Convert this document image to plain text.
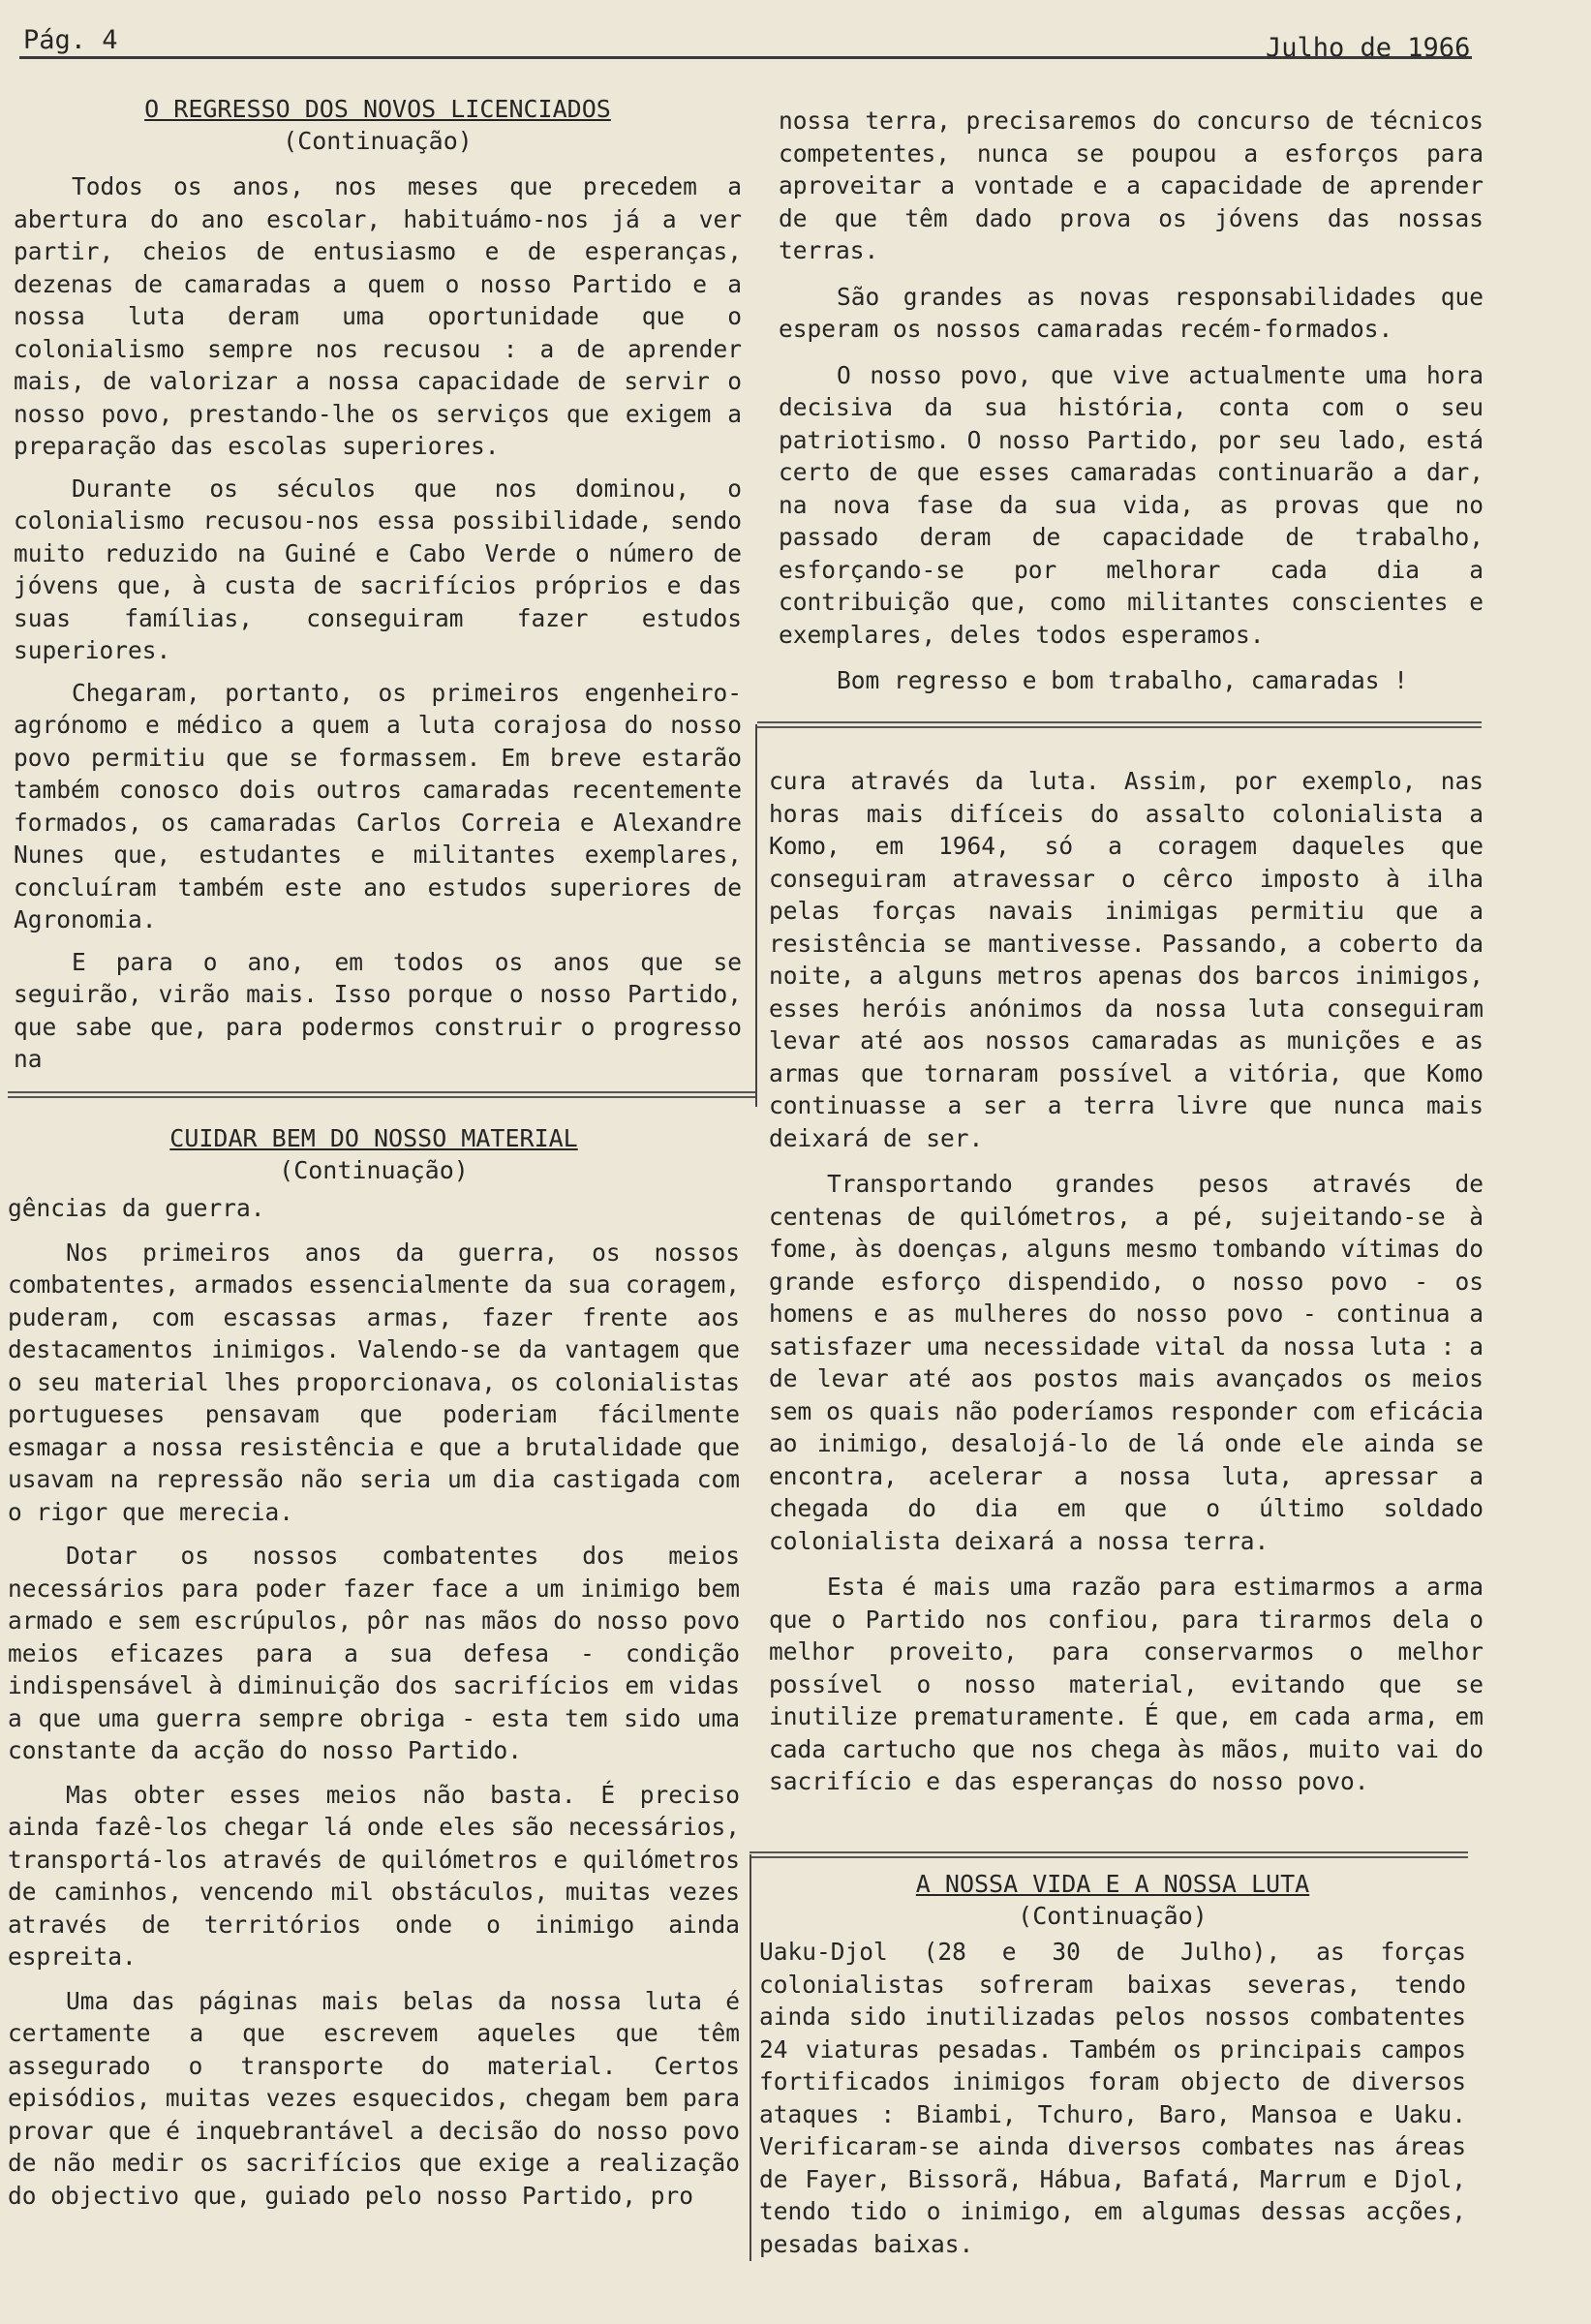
Pág. 4	Julho de 1966
O REGRESSO DOS NOVOS LICENCIADOS
(Continuação)

Todos os anos, nos meses que precedem a abertura do ano escolar, habituámo-nos já a ver partir, cheios de entusiasmo e de esperanças, dezenas de camaradas a quem o nosso Partido e a nossa luta deram uma oportunidade que o colonialismo sempre nos recusou : a de aprender mais, de valorizar a nossa capacidade de servir o nosso povo, prestando-lhe os serviços que exigem a preparação das escolas superiores.

Durante os séculos que nos dominou, o colonialismo recusou-nos essa possibilidade, sendo muito reduzido na Guiné e Cabo Verde o número de jóvens que, à custa de sacrifícios próprios e das suas famílias, conseguiram fazer estudos superiores.

Chegaram, portanto, os primeiros engenheiro-agrónomo e médico a quem a luta corajosa do nosso povo permitiu que se formassem. Em breve estarão também conosco dois outros camaradas recentemente formados, os camaradas Carlos Correia e Alexandre Nunes que, estudantes e militantes exemplares, concluíram também este ano estudos superiores de Agronomia.

E para o ano, em todos os anos que se seguirão, virão mais. Isso porque o nosso Partido, que sabe que, para podermos construir o progresso na

nossa terra, precisaremos do concurso de técnicos competentes, nunca se poupou a esforços para aproveitar a vontade e a capacidade de aprender de que têm dado prova os jóvens das nossas terras.

São grandes as novas responsabilidades que esperam os nossos camaradas recém-formados.

O nosso povo, que vive actualmente uma hora decisiva da sua história, conta com o seu patriotismo. O nosso Partido, por seu lado, está certo de que esses camaradas continuarão a dar, na nova fase da sua vida, as provas que no passado deram de capacidade de trabalho, esforçando-se por melhorar cada dia a contribuição que, como militantes conscientes e exemplares, deles todos esperamos.

Bom regresso e bom trabalho, camaradas !

CUIDAR BEM DO NOSSO MATERIAL
(Continuação)

gências da guerra.

Nos primeiros anos da guerra, os nossos combatentes, armados essencialmente da sua coragem, puderam, com escassas armas, fazer frente aos destacamentos inimigos. Valendo-se da vantagem que o seu material lhes proporcionava, os colonialistas portugueses pensavam que poderiam fácilmente esmagar a nossa resistência e que a brutalidade que usavam na repressão não seria um dia castigada com o rigor que merecia.

Dotar os nossos combatentes dos meios necessários para poder fazer face a um inimigo bem armado e sem escrúpulos, pôr nas mãos do nosso povo meios eficazes para a sua defesa - condição indispensável à diminuição dos sacrifícios em vidas a que uma guerra sempre obriga - esta tem sido uma constante da acção do nosso Partido.

Mas obter esses meios não basta. É preciso ainda fazê-los chegar lá onde eles são necessários, transportá-los através de quilómetros e quilómetros de caminhos, vencendo mil obstáculos, muitas vezes através de territórios onde o inimigo ainda espreita.

Uma das páginas mais belas da nossa luta é certamente a que escrevem aqueles que têm assegurado o transporte do material. Certos episódios, muitas vezes esquecidos, chegam bem para provar que é inquebrantável a decisão do nosso povo de não medir os sacrifícios que exige a realização do objectivo que, guiado pelo nosso Partido, pro

cura através da luta. Assim, por exemplo, nas horas mais difíceis do assalto colonialista a Komo, em 1964, só a coragem daqueles que conseguiram atravessar o cêrco imposto à ilha pelas forças navais inimigas permitiu que a resistência se mantivesse. Passando, a coberto da noite, a alguns metros apenas dos barcos inimigos, esses heróis anónimos da nossa luta conseguiram levar até aos nossos camaradas as munições e as armas que tornaram possível a vitória, que Komo continuasse a ser a terra livre que nunca mais deixará de ser.

Transportando grandes pesos através de centenas de quilómetros, a pé, sujeitando-se à fome, às doenças, alguns mesmo tombando vítimas do grande esforço dispendido, o nosso povo - os homens e as mulheres do nosso povo - continua a satisfazer uma necessidade vital da nossa luta : a de levar até aos postos mais avançados os meios sem os quais não poderíamos responder com eficácia ao inimigo, desalojá-lo de lá onde ele ainda se encontra, acelerar a nossa luta, apressar a chegada do dia em que o último soldado colonialista deixará a nossa terra.

Esta é mais uma razão para estimarmos a arma que o Partido nos confiou, para tirarmos dela o melhor proveito, para conservarmos o melhor possível o nosso material, evitando que se inutilize prematuramente. É que, em cada arma, em cada cartucho que nos chega às mãos, muito vai do sacrifício e das esperanças do nosso povo.

A NOSSA VIDA E A NOSSA LUTA
(Continuação)

Uaku-Djol (28 e 30 de Julho), as forças colonialistas sofreram baixas severas, tendo ainda sido inutilizadas pelos nossos combatentes 24 viaturas pesadas. Também os principais campos fortificados inimigos foram objecto de diversos ataques : Biambi, Tchuro, Baro, Mansoa e Uaku. Verificaram-se ainda diversos combates nas áreas de Fayer, Bissorã, Hábua, Bafatá, Marrum e Djol, tendo tido o inimigo, em algumas dessas acções, pesadas baixas.
